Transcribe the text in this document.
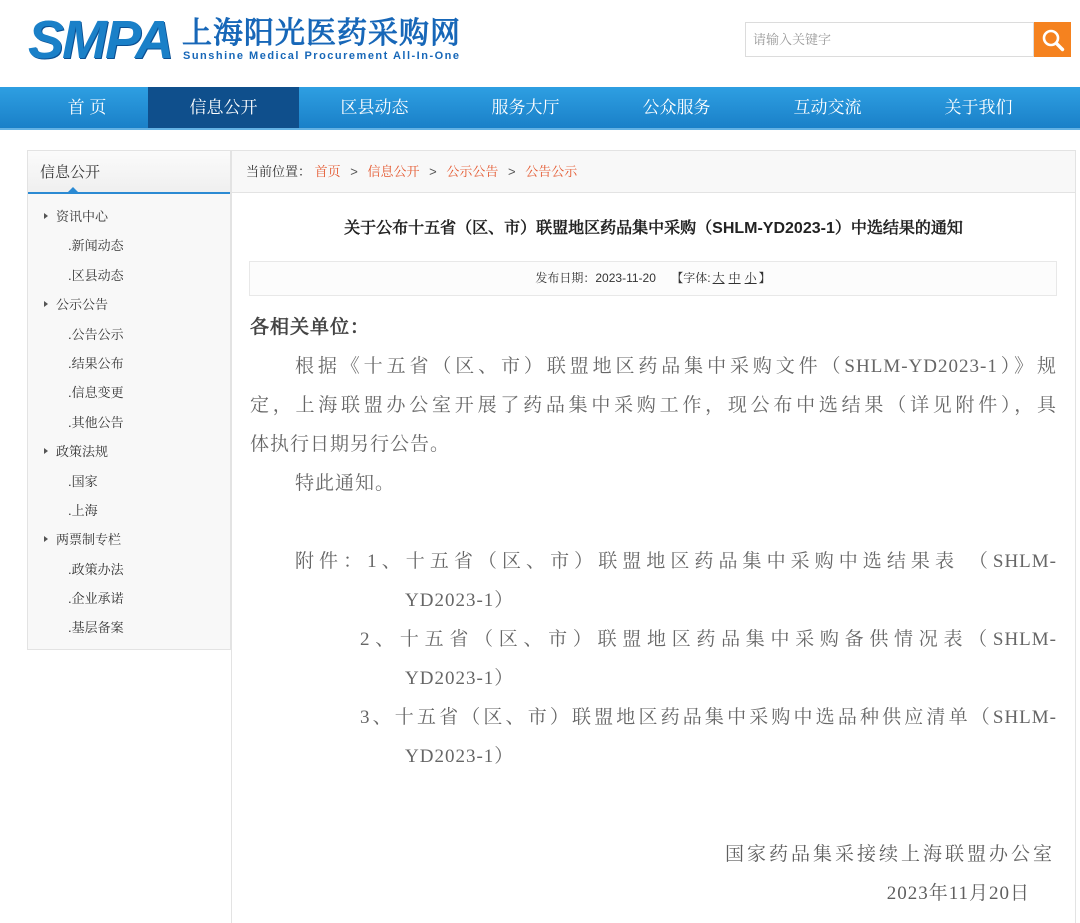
SMPA 上海阳光医药采购网
Sunshine Medical Procurement All-In-One
请输入关键字
首 页	信息公开	区县动态	服务大厅	公众服务	互动交流	关于我们
信息公开
资讯中心
.新闻动态
.区县动态
公示公告
.公告公示
.结果公布
.信息变更
.其他公告
政策法规
.国家
.上海
两票制专栏
.政策办法
.企业承诺
.基层备案
当前位置： 首页 > 信息公开 > 公示公告 > 公告公示
关于公布十五省（区、市）联盟地区药品集中采购（SHLM-YD2023-1）中选结果的通知
发布日期：2023-11-20 【字体: 大 中 小 】
各相关单位：
根据《十五省（区、市）联盟地区药品集中采购文件（SHLM-YD2023-1）》规
定，上海联盟办公室开展了药品集中采购工作，现公布中选结果（详见附件），具
体执行日期另行公告。
特此通知。
附件：1、十五省（区、市）联盟地区药品集中采购中选结果表 （SHLM-
YD2023-1）
2、十五省（区、市）联盟地区药品集中采购备供情况表（SHLM-
YD2023-1）
3、十五省（区、市）联盟地区药品集中采购中选品种供应清单（SHLM-
YD2023-1）
国家药品集采接续上海联盟办公室
2023年11月20日
